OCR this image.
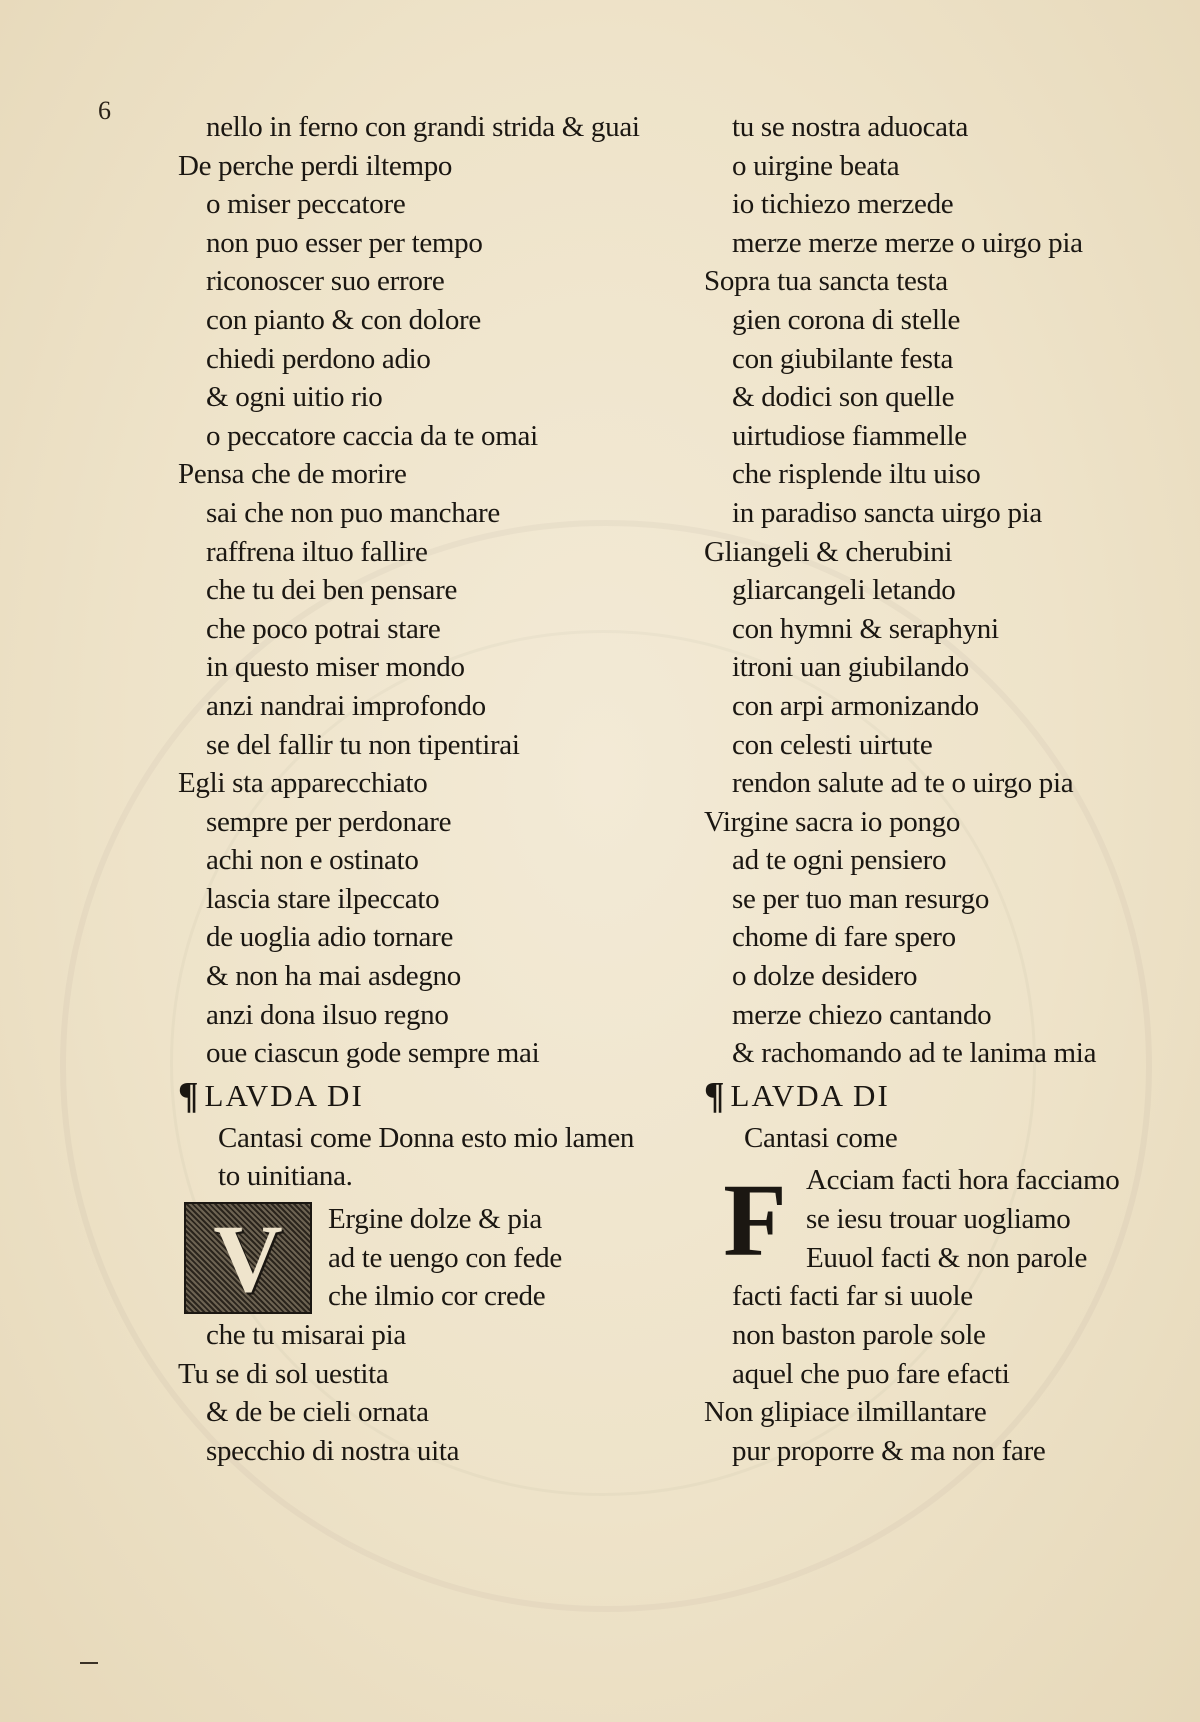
6
nello in ferno con grandi strida & guai
De perche perdi iltempo
o miser peccatore
non puo esser per tempo
riconoscer suo errore
con pianto & con dolore
chiedi perdono adio
& ogni uitio rio
o peccatore caccia da te omai
Pensa che de morire
sai che non puo manchare
raffrena iltuo fallire
che tu dei ben pensare
che poco potrai stare
in questo miser mondo
anzi nandrai improfondo
se del fallir tu non tipentirai
Egli sta apparecchiato
sempre per perdonare
achi non e ostinato
lascia stare ilpeccato
de uoglia adio tornare
& non ha mai asdegno
anzi dona ilsuo regno
oue ciascun gode sempre mai
¶ LAVDA DI
Cantasi come Donna esto mio lamen
to uinitiana.
V	Ergine dolze & pia
ad te uengo con fede
che ilmio cor crede
che tu misarai pia
Tu se di sol uestita
& de be cieli ornata
specchio di nostra uita
tu se nostra aduocata
o uirgine beata
io tichiezo merzede
merze merze merze o uirgo pia
Sopra tua sancta testa
gien corona di stelle
con giubilante festa
& dodici son quelle
uirtudiose fiammelle
che risplende iltu uiso
in paradiso sancta uirgo pia
Gliangeli & cherubini
gliarcangeli letando
con hymni & seraphyni
itroni uan giubilando
con arpi armonizando
con celesti uirtute
rendon salute ad te o uirgo pia
Virgine sacra io pongo
ad te ogni pensiero
se per tuo man resurgo
chome di fare spero
o dolze desidero
merze chiezo cantando
& rachomando ad te lanima mia
¶ LAVDA DI
Cantasi come
F Acciam facti hora facciamo
se iesu trouar uogliamo
Euuol facti & non parole
facti facti far si uuole
non baston parole sole
aquel che puo fare efacti
Non glipiace ilmillantare
pur proporre & ma non fare
